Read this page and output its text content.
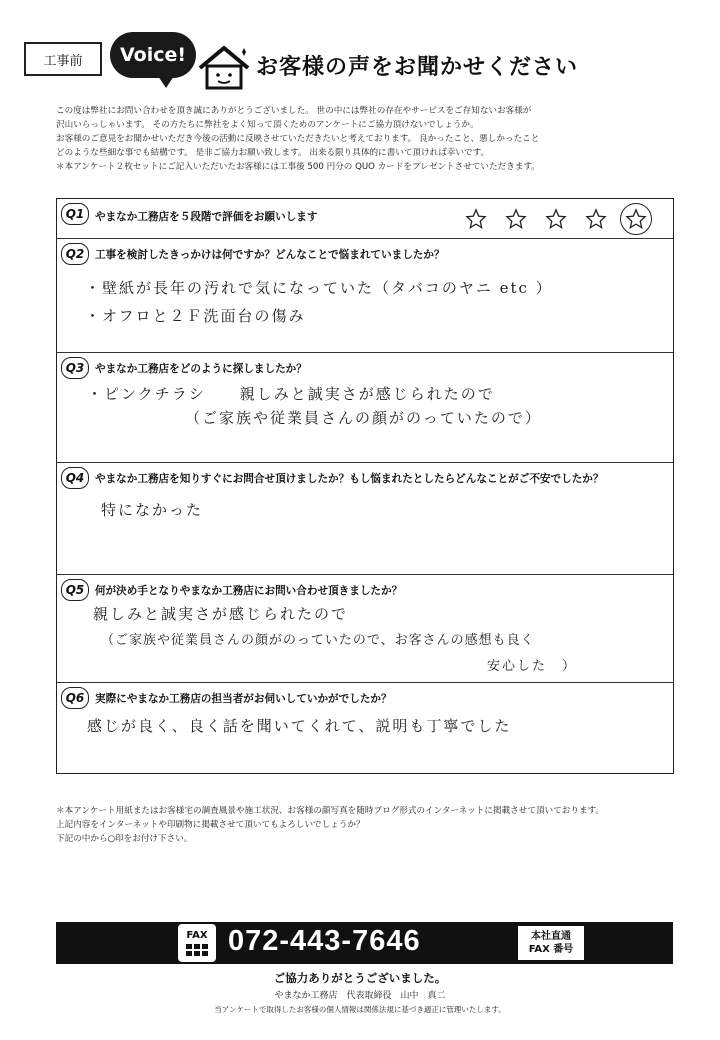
工事前	Voice!	お客様の声をお聞かせください

この度は弊社にお問い合わせを頂き誠にありがとうございました。 世の中には弊社の存在やサービスをご存知ないお客様が

沢山いらっしゃいます。 その方たちに弊社をよく知って頂くためのアンケートにご協力頂けないでしょうか。

お客様のご意見をお聞かせいただき今後の活動に反映させていただきたいと考えております。 良かったこと、悪しかったこと

どのような些細な事でも結構です。 是非ご協力お願い致します。 出来る限り具体的に書いて頂ければ幸いです。

＊本アンケート２枚セットにご記入いただいたお客様には工事後 500 円分の QUO カードをプレゼントさせていただきます。

Q1	やまなか工務店を５段階で評価をお願いします
Q2	工事を検討したきっかけは何ですか？どんなことで悩まれていましたか？
・壁紙が長年の汚れで気になっていた（タバコのヤニ etc ）
・オフロと２Ｆ洗面台の傷み
Q3	やまなか工務店をどのように探しましたか？
・ピンクチラシ　　親しみと誠実さが感じられたので
（ご家族や従業員さんの顔がのっていたので）
Q4	やまなか工務店を知りすぐにお問合せ頂けましたか？もし悩まれたとしたらどんなことがご不安でしたか？
特になかった
Q5	何が決め手となりやまなか工務店にお問い合わせ頂きましたか？
親しみと誠実さが感じられたので
（ご家族や従業員さんの顔がのっていたので、お客さんの感想も良く
安心した　）
Q6	実際にやまなか工務店の担当者がお伺いしていかがでしたか？
感じが良く、良く話を聞いてくれて、説明も丁寧でした

＊本アンケート用紙またはお客様宅の調査風景や施工状況、お客様の顔写真を随時ブログ形式のインターネットに掲載させて頂いております。

上記内容をインターネットや印刷物に掲載させて頂いてもよろしいでしょうか？

下記の中から○印をお付け下さい。

FAX 072-443-7646	本社直通
FAX 番号
ご協力ありがとうございました。
やまなか工務店　代表取締役　山中　真二
当アンケートで取得したお客様の個人情報は関係法規に基づき適正に管理いたします。
